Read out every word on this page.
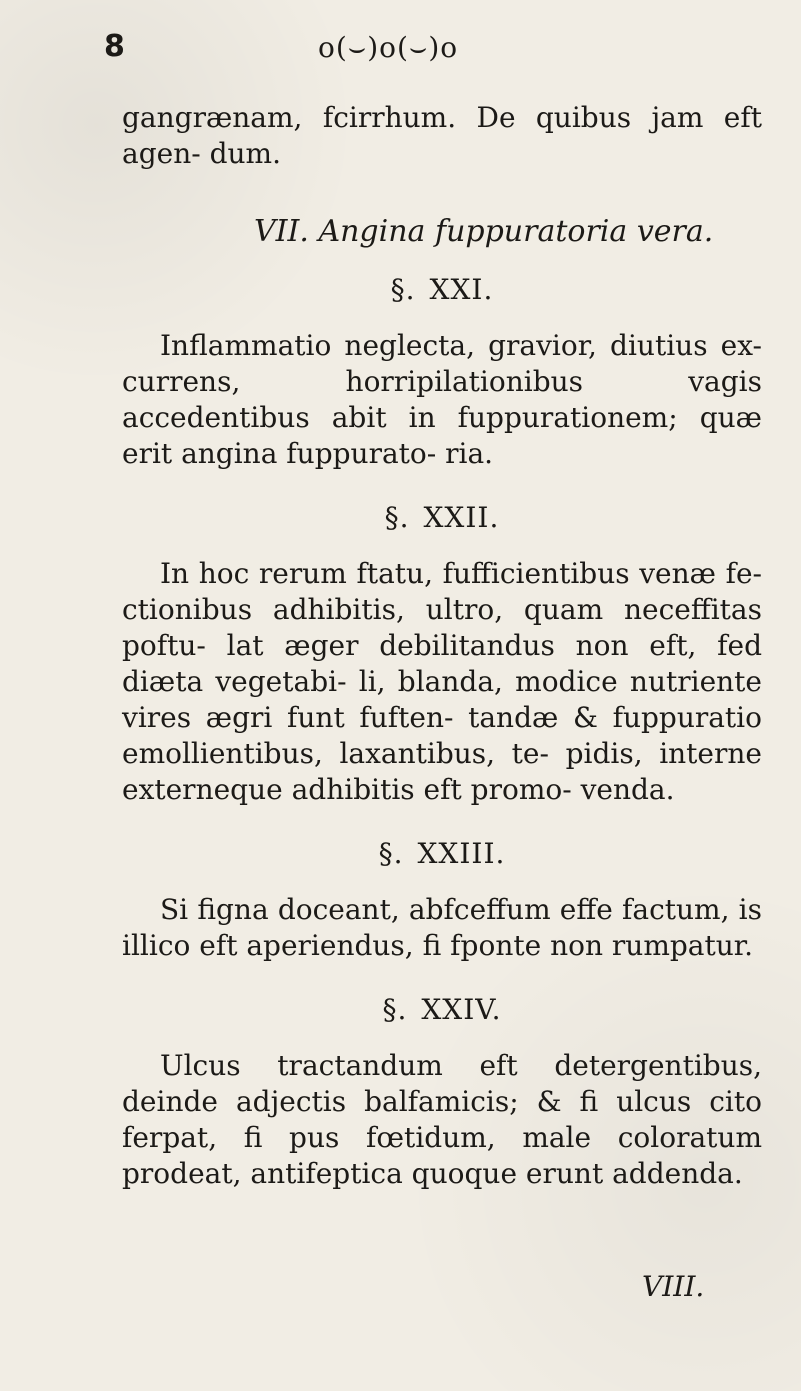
8	o(⌣)o(⌣)o

gangrænam, fcirrhum. De quibus jam eft agen- dum.

VII. Angina fuppuratoria vera.
§. XXI.

Inflammatio neglecta, gravior, diutius ex- currens, horripilationibus vagis accedentibus abit in fuppurationem; quæ erit angina fuppurato- ria.

§. XXII.

In hoc rerum ftatu, fufficientibus venæ fe- ctionibus adhibitis, ultro, quam neceffitas poftu- lat æger debilitandus non eft, fed diæta vegetabi- li, blanda, modice nutriente vires ægri funt fuften- tandæ & fuppuratio emollientibus, laxantibus, te- pidis, interne externeque adhibitis eft promo- venda.

§. XXIII.

Si figna doceant, abfceffum effe factum, is illico eft aperiendus, fi fponte non rumpatur.

§. XXIV.

Ulcus tractandum eft detergentibus, deinde adjectis balfamicis; & fi ulcus cito ferpat, fi pus fœtidum, male coloratum prodeat, antifeptica quoque erunt addenda.

VIII.
